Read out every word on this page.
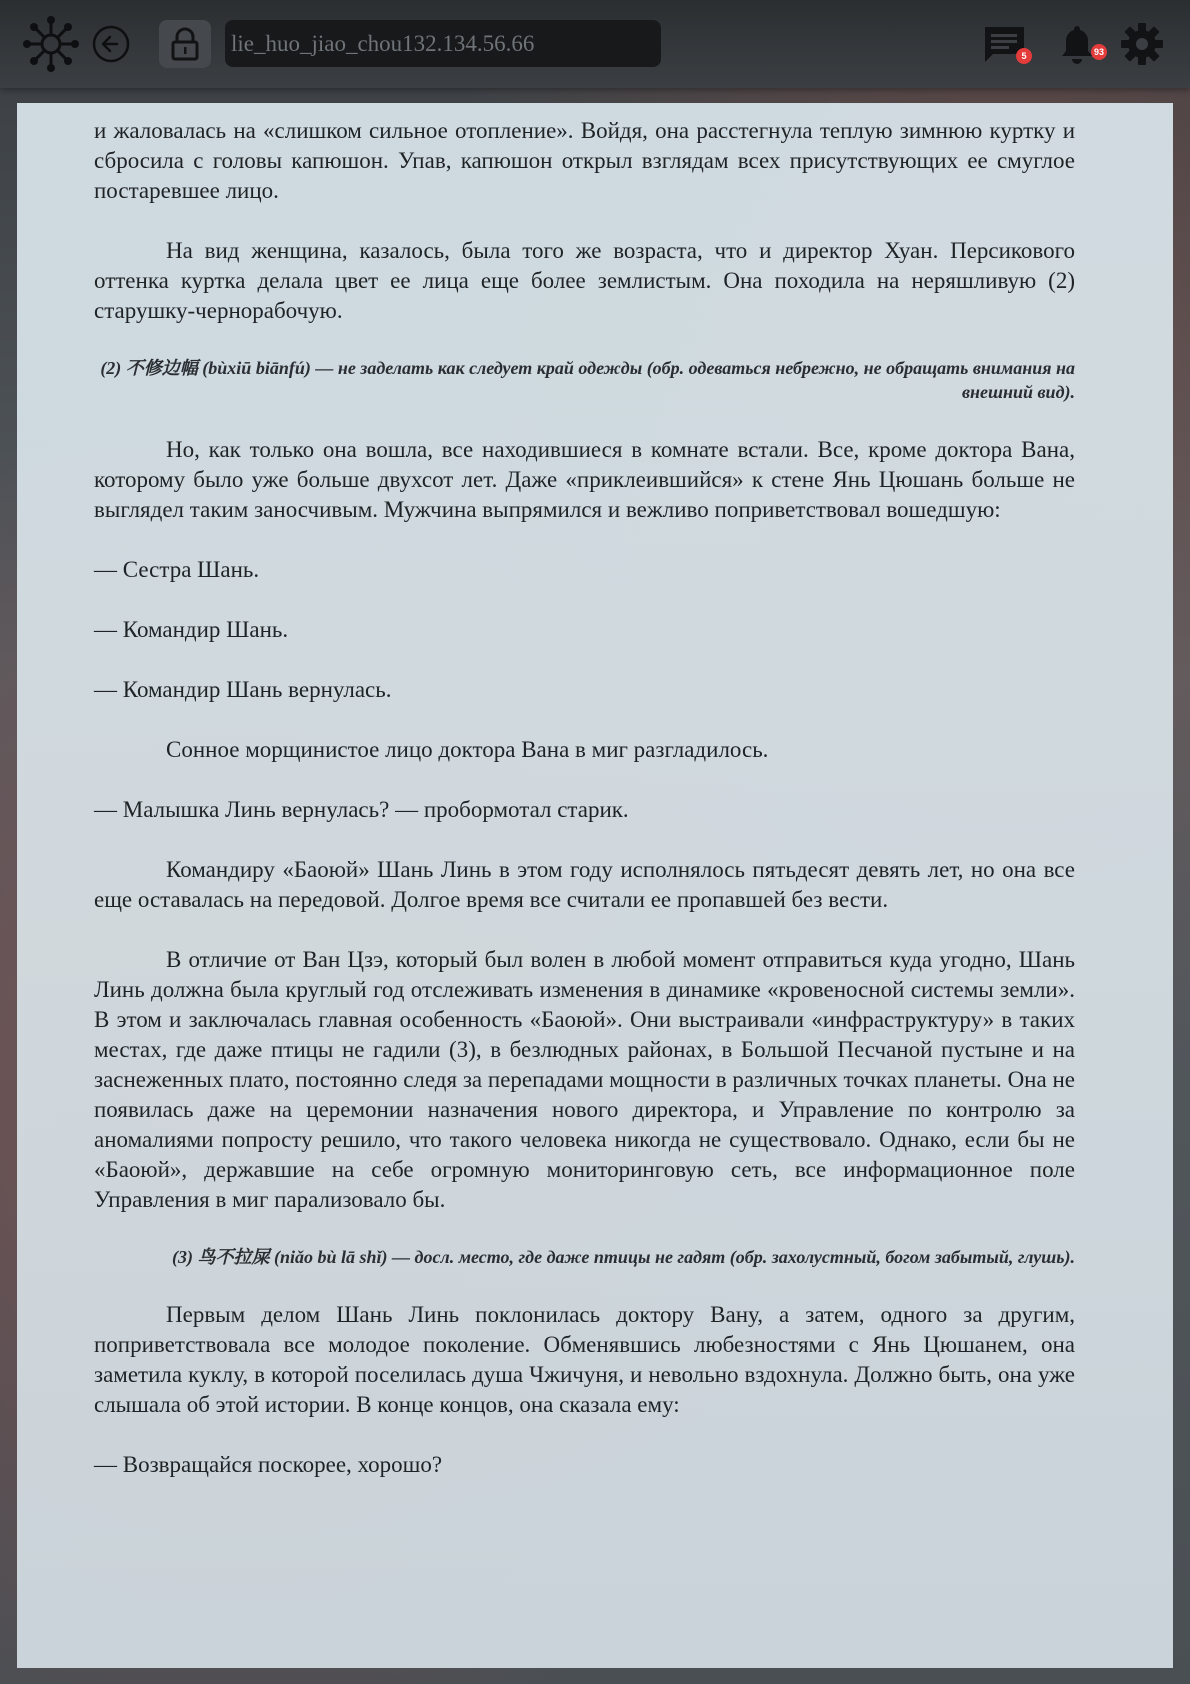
lie_huo_jiao_chou132.134.56.66
5	93

и жаловалась на «слишком сильное отопление». Войдя, она расстегнула теплую зимнюю куртку и сбросила с головы капюшон. Упав, капюшон открыл взглядам всех присутствующих ее смуглое постаревшее лицо.

На вид женщина, казалось, была того же возраста, что и директор Хуан. Персикового оттенка куртка делала цвет ее лица еще более землистым. Она походила на неряшливую (2) старушку-чернорабочую.

(2) 不修边幅 (bùxiū biānfú) — не заделать как следует край одежды (обр. одеваться небрежно, не обращать внимания на внешний вид).

Но, как только она вошла, все находившиеся в комнате встали. Все, кроме доктора Вана, которому было уже больше двухсот лет. Даже «приклеившийся» к стене Янь Цюшань больше не выглядел таким заносчивым. Мужчина выпрямился и вежливо поприветствовал вошедшую:

— Сестра Шань.

— Командир Шань.

— Командир Шань вернулась.

Сонное морщинистое лицо доктора Вана в миг разгладилось.

— Малышка Линь вернулась? — пробормотал старик.

Командиру «Баоюй» Шань Линь в этом году исполнялось пятьдесят девять лет, но она все еще оставалась на передовой. Долгое время все считали ее пропавшей без вести.

В отличие от Ван Цзэ, который был волен в любой момент отправиться куда угодно, Шань Линь должна была круглый год отслеживать изменения в динамике «кровеносной системы земли». В этом и заключалась главная особенность «Баоюй». Они выстраивали «инфраструктуру» в таких местах, где даже птицы не гадили (3), в безлюдных районах, в Большой Песчаной пустыне и на заснеженных плато, постоянно следя за перепадами мощности в различных точках планеты. Она не появилась даже на церемонии назначения нового директора, и Управление по контролю за аномалиями попросту решило, что такого человека никогда не существовало. Однако, если бы не «Баоюй», державшие на себе огромную мониторинговую сеть, все информационное поле Управления в миг парализовало бы.

(3) 鸟不拉屎 (niǎo bù lā shǐ) — досл. место, где даже птицы не гадят (обр. захолустный, богом забытый, глушь).

Первым делом Шань Линь поклонилась доктору Вану, а затем, одного за другим, поприветствовала все молодое поколение. Обменявшись любезностями с Янь Цюшанем, она заметила куклу, в которой поселилась душа Чжичуня, и невольно вздохнула. Должно быть, она уже слышала об этой истории. В конце концов, она сказала ему:

— Возвращайся поскорее, хорошо?
